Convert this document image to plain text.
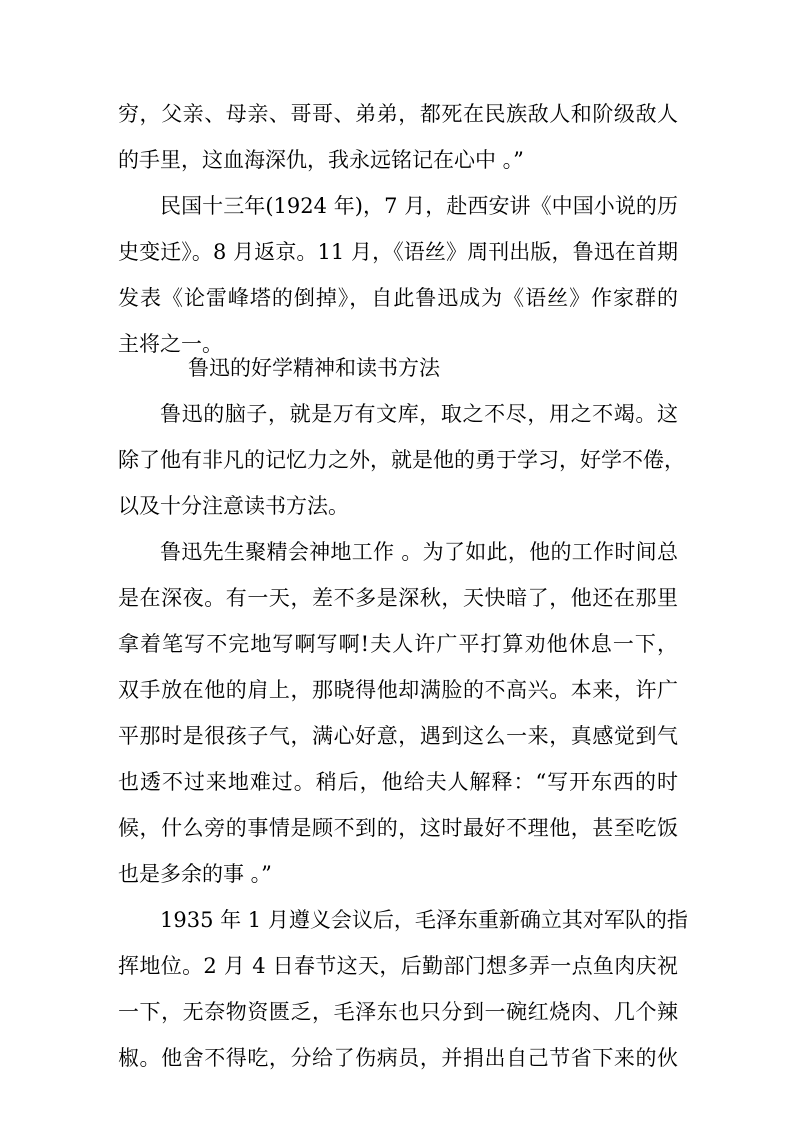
穷，父亲、母亲、哥哥、弟弟，都死在民族敌人和阶级敌人
的手里，这血海深仇，我永远铭记在心中 。”
民国十三年(1924 年)，7 月，赴西安讲《中国小说的历
史变迁》。8 月返京。11 月，《语丝》周刊出版，鲁迅在首期
发表《论雷峰塔的倒掉》，自此鲁迅成为《语丝》作家群的
主将之一。
鲁迅的好学精神和读书方法
鲁迅的脑子，就是万有文库，取之不尽，用之不竭。这
除了他有非凡的记忆力之外，就是他的勇于学习，好学不倦，
以及十分注意读书方法。
鲁迅先生聚精会神地工作 。为了如此，他的工作时间总
是在深夜。有一天，差不多是深秋，天快暗了，他还在那里
拿着笔写不完地写啊写啊!夫人许广平打算劝他休息一下，
双手放在他的肩上，那晓得他却满脸的不高兴。本来，许广
平那时是很孩子气，满心好意，遇到这么一来，真感觉到气
也透不过来地难过。稍后，他给夫人解释：“写开东西的时
候，什么旁的事情是顾不到的，这时最好不理他，甚至吃饭
也是多余的事 。”
1935 年 1 月遵义会议后，毛泽东重新确立其对军队的指
挥地位。2 月 4 日春节这天，后勤部门想多弄一点鱼肉庆祝
一下，无奈物资匮乏，毛泽东也只分到一碗红烧肉、几个辣
椒。他舍不得吃，分给了伤病员，并捐出自己节省下来的伙
